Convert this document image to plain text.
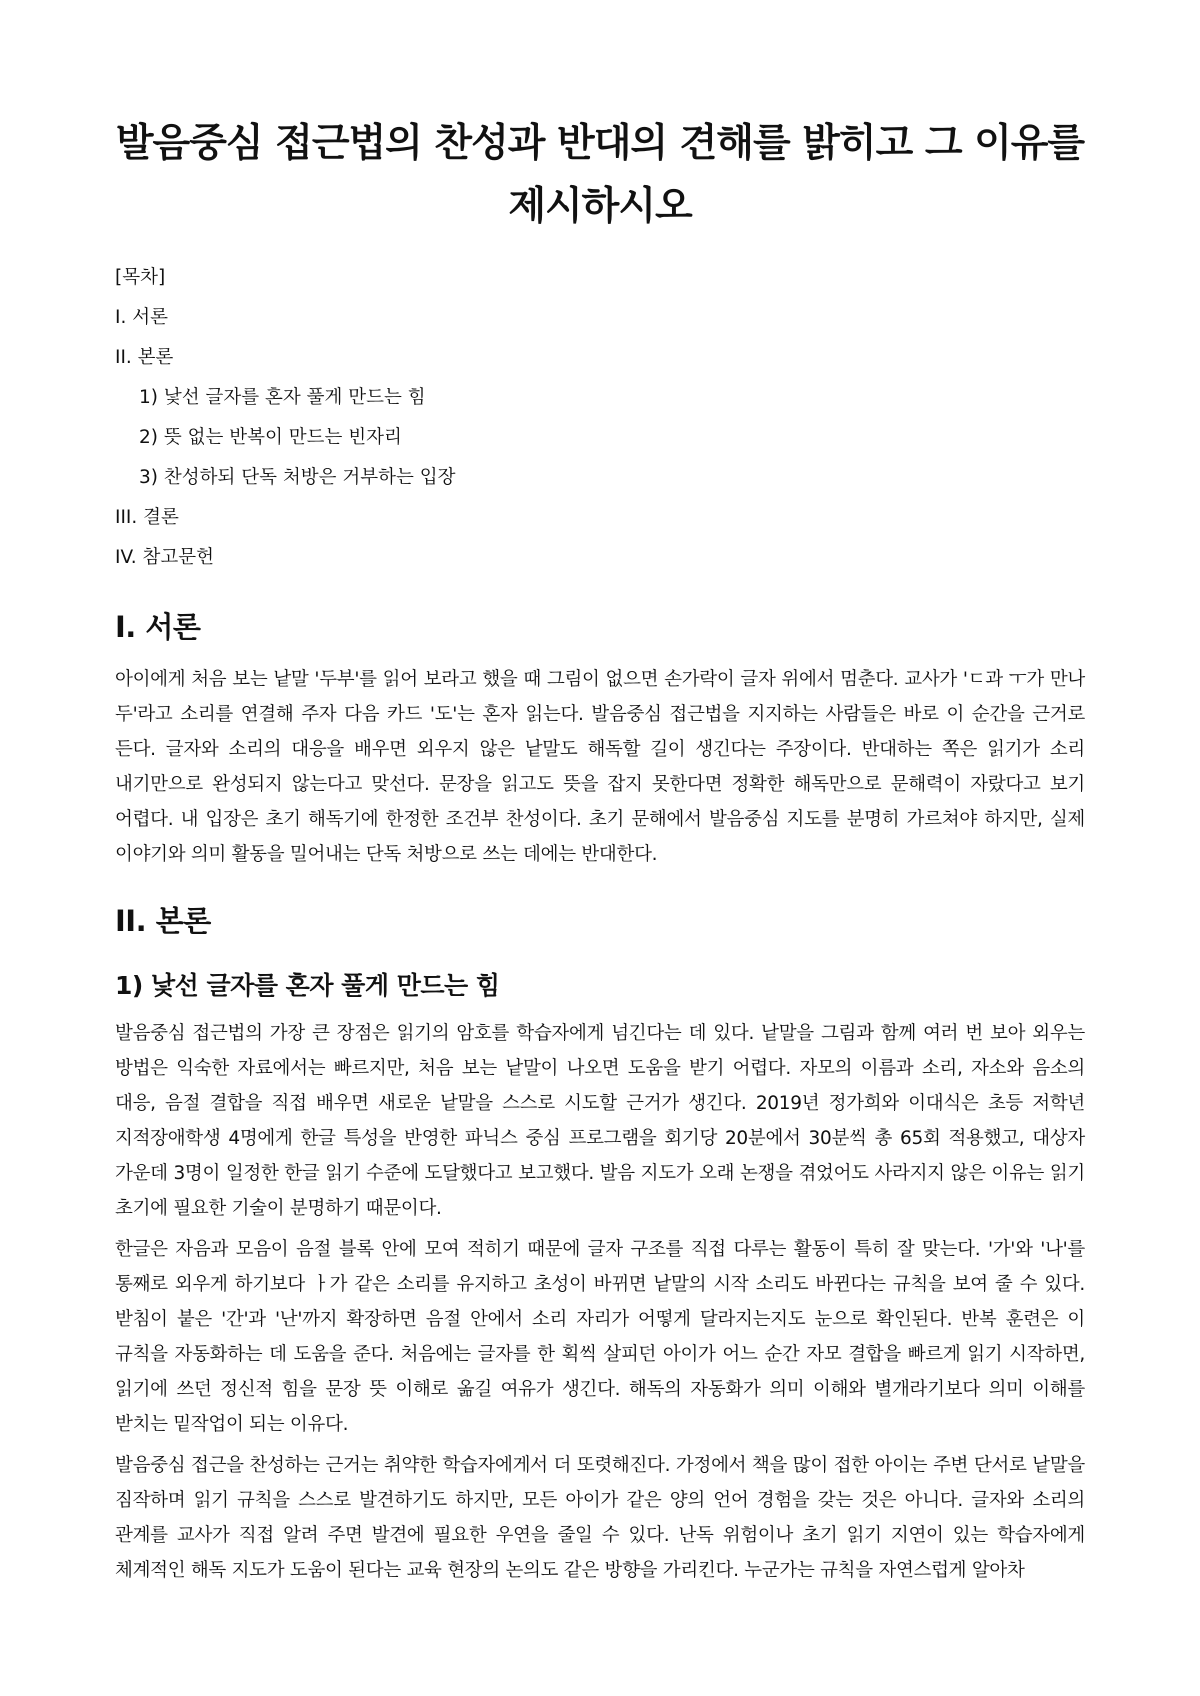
발음중심 접근법의 찬성과 반대의 견해를 밝히고 그 이유를 제시하시오
[목차]
I. 서론
II. 본론
1) 낯선 글자를 혼자 풀게 만드는 힘
2) 뜻 없는 반복이 만드는 빈자리
3) 찬성하되 단독 처방은 거부하는 입장
III. 결론
IV. 참고문헌
I. 서론

아이에게 처음 보는 낱말 '두부'를 읽어 보라고 했을 때 그림이 없으면 손가락이 글자 위에서 멈춘다. 교사가 'ㄷ과 ㅜ가 만나 두'라고 소리를 연결해 주자 다음 카드 '도'는 혼자 읽는다. 발음중심 접근법을 지지하는 사람들은 바로 이 순간을 근거로 든다. 글자와 소리의 대응을 배우면 외우지 않은 낱말도 해독할 길이 생긴다는 주장이다. 반대하는 쪽은 읽기가 소리 내기만으로 완성되지 않는다고 맞선다. 문장을 읽고도 뜻을 잡지 못한다면 정확한 해독만으로 문해력이 자랐다고 보기 어렵다. 내 입장은 초기 해독기에 한정한 조건부 찬성이다. 초기 문해에서 발음중심 지도를 분명히 가르쳐야 하지만, 실제 이야기와 의미 활동을 밀어내는 단독 처방으로 쓰는 데에는 반대한다.

II. 본론
1) 낯선 글자를 혼자 풀게 만드는 힘

발음중심 접근법의 가장 큰 장점은 읽기의 암호를 학습자에게 넘긴다는 데 있다. 낱말을 그림과 함께 여러 번 보아 외우는 방법은 익숙한 자료에서는 빠르지만, 처음 보는 낱말이 나오면 도움을 받기 어렵다. 자모의 이름과 소리, 자소와 음소의 대응, 음절 결합을 직접 배우면 새로운 낱말을 스스로 시도할 근거가 생긴다. 2019년 정가희와 이대식은 초등 저학년 지적장애학생 4명에게 한글 특성을 반영한 파닉스 중심 프로그램을 회기당 20분에서 30분씩 총 65회 적용했고, 대상자 가운데 3명이 일정한 한글 읽기 수준에 도달했다고 보고했다. 발음 지도가 오래 논쟁을 겪었어도 사라지지 않은 이유는 읽기 초기에 필요한 기술이 분명하기 때문이다.

한글은 자음과 모음이 음절 블록 안에 모여 적히기 때문에 글자 구조를 직접 다루는 활동이 특히 잘 맞는다. '가'와 '나'를 통째로 외우게 하기보다 ㅏ가 같은 소리를 유지하고 초성이 바뀌면 낱말의 시작 소리도 바뀐다는 규칙을 보여 줄 수 있다. 받침이 붙은 '간'과 '난'까지 확장하면 음절 안에서 소리 자리가 어떻게 달라지는지도 눈으로 확인된다. 반복 훈련은 이 규칙을 자동화하는 데 도움을 준다. 처음에는 글자를 한 획씩 살피던 아이가 어느 순간 자모 결합을 빠르게 읽기 시작하면, 읽기에 쓰던 정신적 힘을 문장 뜻 이해로 옮길 여유가 생긴다. 해독의 자동화가 의미 이해와 별개라기보다 의미 이해를 받치는 밑작업이 되는 이유다.

발음중심 접근을 찬성하는 근거는 취약한 학습자에게서 더 또렷해진다. 가정에서 책을 많이 접한 아이는 주변 단서로 낱말을 짐작하며 읽기 규칙을 스스로 발견하기도 하지만, 모든 아이가 같은 양의 언어 경험을 갖는 것은 아니다. 글자와 소리의 관계를 교사가 직접 알려 주면 발견에 필요한 우연을 줄일 수 있다. 난독 위험이나 초기 읽기 지연이 있는 학습자에게 체계적인 해독 지도가 도움이 된다는 교육 현장의 논의도 같은 방향을 가리킨다. 누군가는 규칙을 자연스럽게 알아차
